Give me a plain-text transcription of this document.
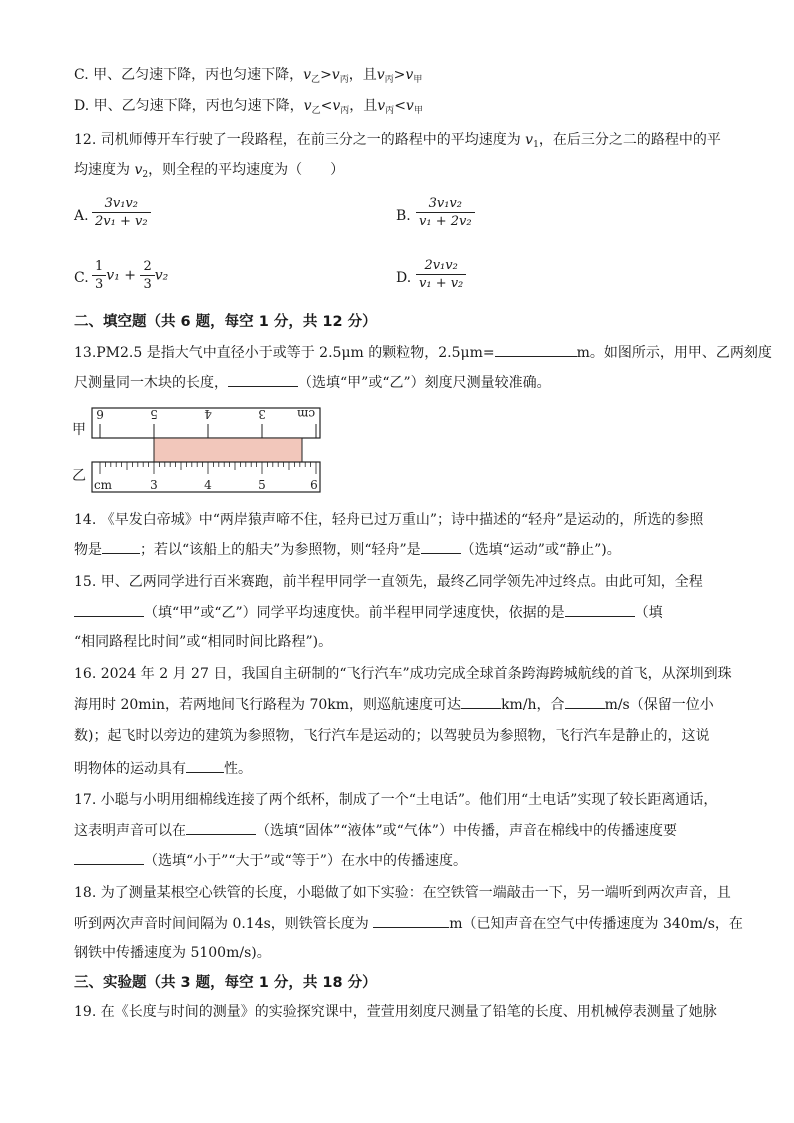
C. 甲、乙匀速下降，丙也匀速下降，$v_乙>v_丙$，且$v_丙>v_甲$
D. 甲、乙匀速下降，丙也匀速下降，$v_乙<v_丙$，且$v_丙<v_甲$
12. 司机师傅开车行驶了一段路程，在前三分之一的路程中的平均速度为 $v_1$，在后三分之二的路程中的平
均速度为 $v_2$，则全程的平均速度为（　　）
A. $\frac{\text{3v₁v₂}}{\text{2v₁ + v₂}}$	B. $\frac{\text{3v₁v₂}}{\text{v₁ + 2v₂}}$
C. $\frac{1}{3} v_1 + \frac{2}{3} v_2$	D. $\frac{\text{2v₁v₂}}{\text{v₁ + v₂}}$
二、填空题（共 6 题，每空 1 分，共 12 分）
13.PM2.5 是指大气中直径小于或等于 2.5μm 的颗粒物，2.5μm=	m。如图所示，用甲、乙两刻度
尺测量同一木块的长度，	（选填“甲”或“乙”）刻度尺测量较准确。
甲
乙
6	5	4	3	cm
cm	3	4	5	6
14. 《早发白帝城》中“两岸猿声啼不住，轻舟已过万重山”；诗中描述的“轻舟”是运动的，所选的参照
物是	；若以“该船上的船夫”为参照物，则“轻舟”是	（选填“运动”或“静止”)。
15. 甲、乙两同学进行百米赛跑，前半程甲同学一直领先，最终乙同学领先冲过终点。由此可知，全程
（填“甲”或“乙”）同学平均速度快。前半程甲同学速度快，依据的是	（填
“相同路程比时间”或“相同时间比路程”)。
16. 2024 年 2 月 27 日，我国自主研制的“飞行汽车”成功完成全球首条跨海跨城航线的首飞，从深圳到珠
海用时 20min，若两地间飞行路程为 70km，则巡航速度可达	km/h，合	m/s（保留一位小
数)；起飞时以旁边的建筑为参照物，飞行汽车是运动的；以驾驶员为参照物，飞行汽车是静止的，这说
明物体的运动具有	性。
17. 小聪与小明用细棉线连接了两个纸杯，制成了一个“土电话”。他们用“土电话”实现了较长距离通话，
这表明声音可以在	（选填“固体”“液体”或“气体”）中传播，声音在棉线中的传播速度要
（选填“小于”“大于”或“等于”）在水中的传播速度。
18. 为了测量某根空心铁管的长度，小聪做了如下实验：在空铁管一端敲击一下，另一端听到两次声音，且
听到两次声音时间间隔为 0.14s，则铁管长度为	m（已知声音在空气中传播速度为 340m/s，在
钢铁中传播速度为 5100m/s)。
三、实验题（共 3 题，每空 1 分，共 18 分）
19. 在《长度与时间的测量》的实验探究课中，萱萱用刻度尺测量了铅笔的长度、用机械停表测量了她脉
